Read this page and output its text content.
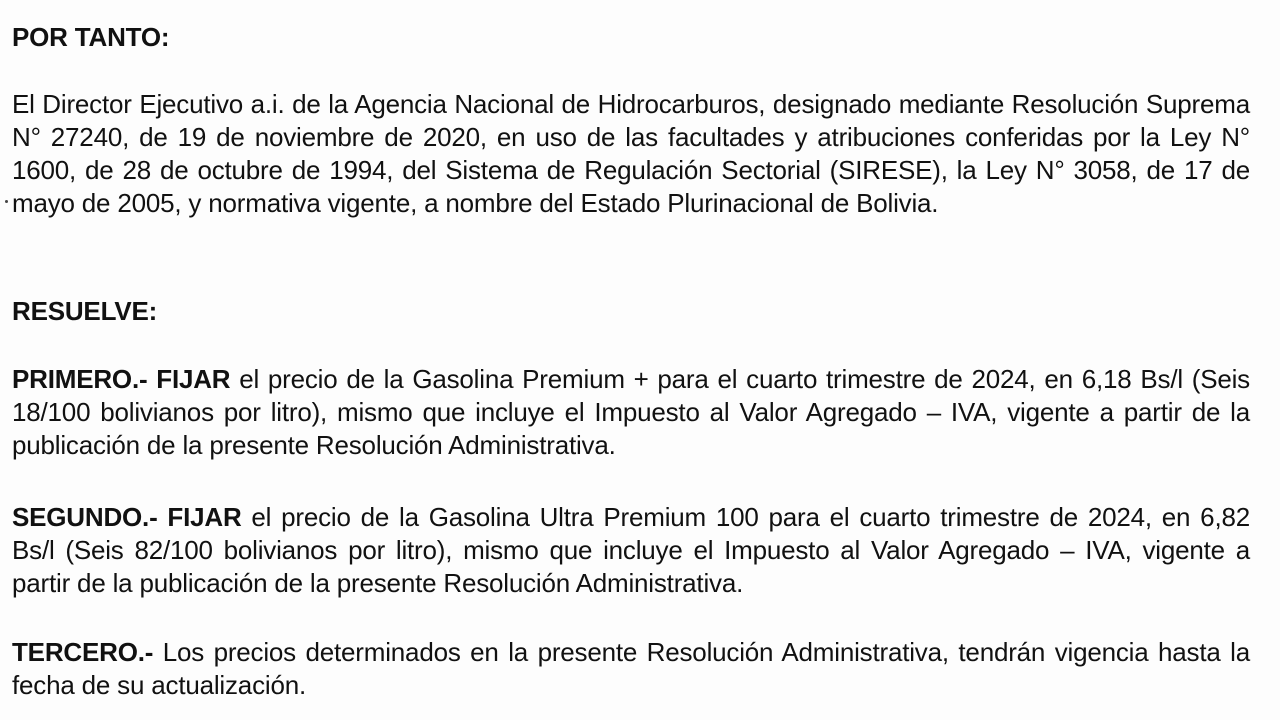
POR TANTO:
El Director Ejecutivo a.i. de la Agencia Nacional de Hidrocarburos, designado mediante Resolución Suprema N° 27240, de 19 de noviembre de 2020, en uso de las facultades y atribuciones conferidas por la Ley N° 1600, de 28 de octubre de 1994, del Sistema de Regulación Sectorial (SIRESE), la Ley N° 3058, de 17 de mayo de 2005, y normativa vigente, a nombre del Estado Plurinacional de Bolivia.
RESUELVE:
PRIMERO.- FIJAR el precio de la Gasolina Premium + para el cuarto trimestre de 2024, en 6,18 Bs/l (Seis 18/100 bolivianos por litro), mismo que incluye el Impuesto al Valor Agregado – IVA, vigente a partir de la publicación de la presente Resolución Administrativa.
SEGUNDO.- FIJAR el precio de la Gasolina Ultra Premium 100 para el cuarto trimestre de 2024, en 6,82 Bs/l (Seis 82/100 bolivianos por litro), mismo que incluye el Impuesto al Valor Agregado – IVA, vigente a partir de la publicación de la presente Resolución Administrativa.
TERCERO.- Los precios determinados en la presente Resolución Administrativa, tendrán vigencia hasta la fecha de su actualización.
